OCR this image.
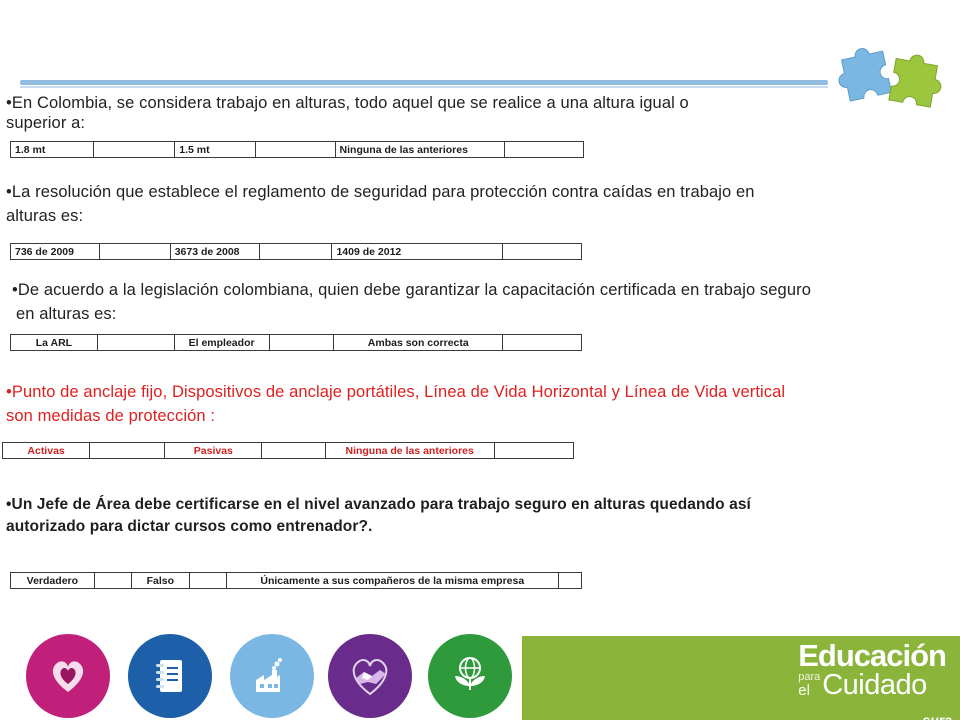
•En Colombia, se considera trabajo en alturas, todo aquel que se realice a una altura igual o
superior a:
1.8 mt		1.5 mt		Ninguna de las anteriores	
•La resolución que establece el reglamento de seguridad para protección contra caídas en trabajo en
alturas es:
736 de 2009		3673 de 2008		1409 de 2012	
•De acuerdo a la legislación colombiana, quien debe garantizar la capacitación certificada en trabajo seguro
en alturas es:
La ARL		El empleador		Ambas son correcta	
•Punto de anclaje fijo, Dispositivos de anclaje portátiles, Línea de Vida Horizontal y Línea de Vida vertical
son medidas de protección :
Activas		Pasivas		Ninguna de las anteriores	
•Un Jefe de Área debe certificarse en el nivel avanzado para trabajo seguro en alturas quedando así
autorizado para dictar cursos como entrenador?.
Verdadero		Falso		Únicamente a sus compañeros de la misma empresa	
Educación
para
el Cuidado
sura
